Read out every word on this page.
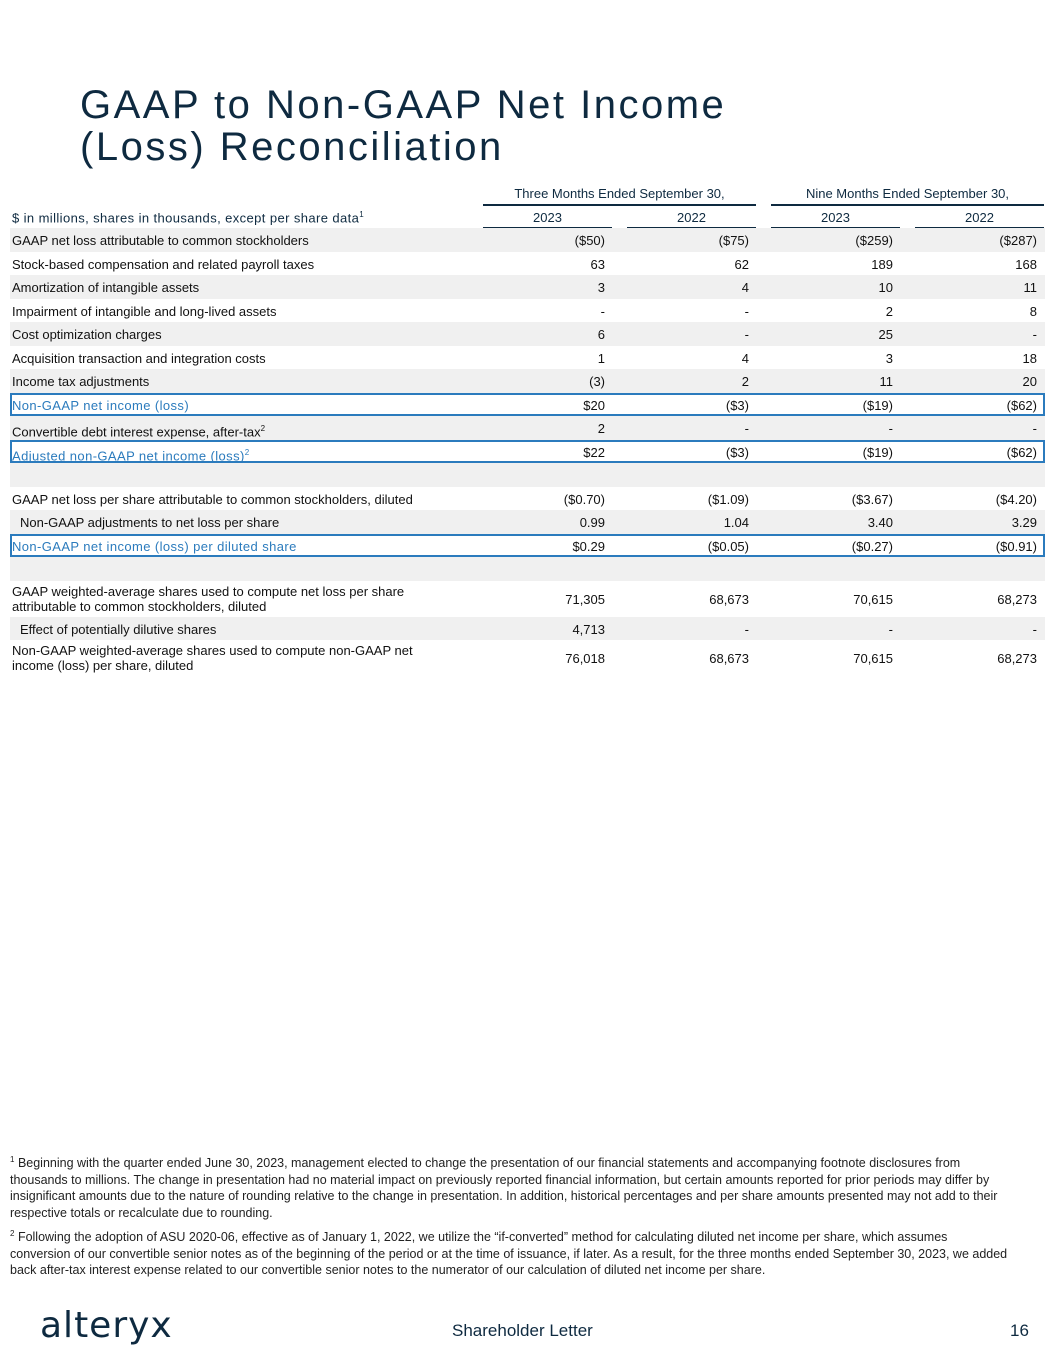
GAAP to Non-GAAP Net Income (Loss) Reconciliation
Three Months Ended September 30,	Nine Months Ended September 30,
$ in millions, shares in thousands, except per share data$^1$	2023	2022	2023	2022
GAAP net loss attributable to common stockholders	($50)	($75)	($259)	($287)
Stock-based compensation and related payroll taxes	63	62	189	168
Amortization of intangible assets	3	4	10	11
Impairment of intangible and long-lived assets	-	-	2	8
Cost optimization charges	6	-	25	-
Acquisition transaction and integration costs	1	4	3	18
Income tax adjustments	(3)	2	11	20
Non-GAAP net income (loss)	$20	($3)	($19)	($62)
Convertible debt interest expense, after-tax$^2$	2	-	-	-
Adjusted non-GAAP net income (loss)$^2$	$22	($3)	($19)	($62)
GAAP net loss per share attributable to common stockholders, diluted	($0.70)	($1.09)	($3.67)	($4.20)
Non-GAAP adjustments to net loss per share	0.99	1.04	3.40	3.29
Non-GAAP net income (loss) per diluted share	$0.29	($0.05)	($0.27)	($0.91)
GAAP weighted-average shares used to compute net loss per share attributable to common stockholders, diluted	71,305	68,673	70,615	68,273
Effect of potentially dilutive shares	4,713	-	-	-
Non-GAAP weighted-average shares used to compute non-GAAP net income (loss) per share, diluted	76,018	68,673	70,615	68,273
$^1$ Beginning with the quarter ended June 30, 2023, management elected to change the presentation of our financial statements and accompanying footnote disclosures from thousands to millions. The change in presentation had no material impact on previously reported financial information, but certain amounts reported for prior periods may differ by insignificant amounts due to the nature of rounding relative to the change in presentation. In addition, historical percentages and per share amounts presented may not add to their respective totals or recalculate due to rounding.
$^2$ Following the adoption of ASU 2020-06, effective as of January 1, 2022, we utilize the “if-converted” method for calculating diluted net income per share, which assumes conversion of our convertible senior notes as of the beginning of the period or at the time of issuance, if later. As a result, for the three months ended September 30, 2023, we added back after-tax interest expense related to our convertible senior notes to the numerator of our calculation of diluted net income per share.
alteryx	Shareholder Letter	16
